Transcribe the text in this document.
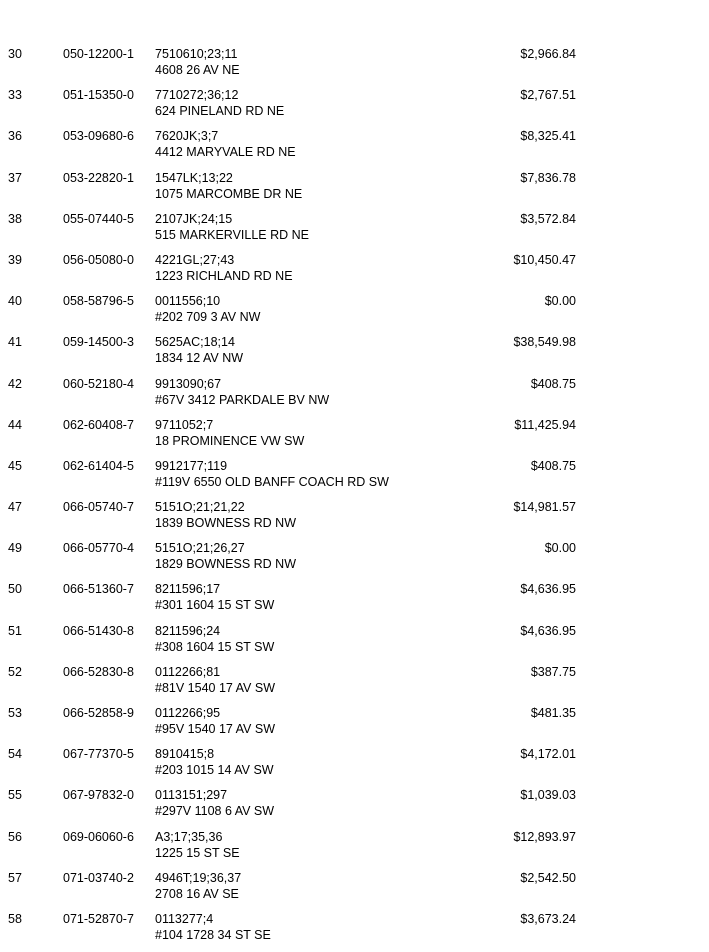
30	050-12200-1 7510610;23;11	$2,966.84
4608 26 AV NE
33	051-15350-0 7710272;36;12	$2,767.51
624 PINELAND RD NE
36	053-09680-6 7620JK;3;7	$8,325.41
4412 MARYVALE RD NE
37	053-22820-1 1547LK;13;22	$7,836.78
1075 MARCOMBE DR NE
38	055-07440-5 2107JK;24;15	$3,572.84
515 MARKERVILLE RD NE
39	056-05080-0 4221GL;27;43	$10,450.47
1223 RICHLAND RD NE
40	058-58796-5 0011556;10	$0.00
#202 709 3 AV NW
41	059-14500-3 5625AC;18;14	$38,549.98
1834 12 AV NW
42	060-52180-4 9913090;67	$408.75
#67V 3412 PARKDALE BV NW
44	062-60408-7 9711052;7	$11,425.94
18 PROMINENCE VW SW
45	062-61404-5 9912177;119	$408.75
#119V 6550 OLD BANFF COACH RD SW
47	066-05740-7 5151O;21;21,22	$14,981.57
1839 BOWNESS RD NW
49	066-05770-4 5151O;21;26,27	$0.00
1829 BOWNESS RD NW
50	066-51360-7 8211596;17	$4,636.95
#301 1604 15 ST SW
51	066-51430-8 8211596;24	$4,636.95
#308 1604 15 ST SW
52	066-52830-8 0112266;81	$387.75
#81V 1540 17 AV SW
53	066-52858-9 0112266;95	$481.35
#95V 1540 17 AV SW
54	067-77370-5 8910415;8	$4,172.01
#203 1015 14 AV SW
55	067-97832-0 0113151;297	$1,039.03
#297V 1108 6 AV SW
56	069-06060-6 A3;17;35,36	$12,893.97
1225 15 ST SE
57	071-03740-2 4946T;19;36,37	$2,542.50
2708 16 AV SE
58	071-52870-7 0113277;4	$3,673.24
#104 1728 34 ST SE
